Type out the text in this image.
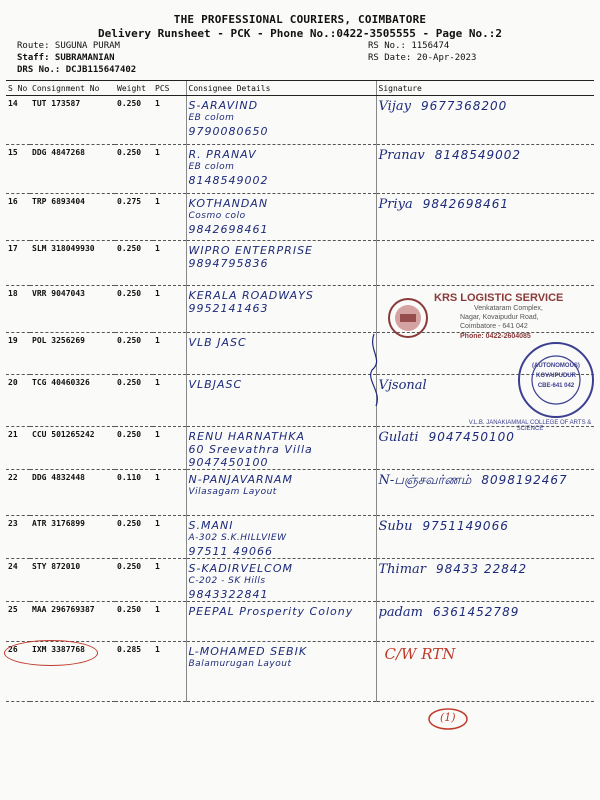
THE PROFESSIONAL COURIERS, COIMBATORE
Delivery Runsheet - PCK - Phone No.:0422-3505555 - Page No.:2
Route: SUGUNA PURAM
Staff: SUBRAMANIAN
DRS No.: DCJB115647402
RS No.: 1156474
RS Date: 20-Apr-2023
S No	Consignment No	Weight	PCS	Consignee Details	Signature
14	TUT 173587	0.250	1	S-ARAVIND
EB colom
9790080650	Vijay 9677368200
15	DDG 4847268	0.250	1	R. PRANAV
EB colom
8148549002	Pranav 8148549002
16	TRP 6893404	0.275	1	KOTHANDAN
Cosmo colo
9842698461	Priya 9842698461
17	SLM 318049930	0.250	1	WIPRO ENTERPRISE
9894795836	

18	VRR 9047043	0.250	1	KERALA ROADWAYS
9952141463	

19	POL 3256269	0.250	1	VLB JASC	

20	TCG 40460326	0.250	1	VLBJASC	Vjsonal
21	CCU 501265242	0.250	1	RENU HARNATHKA
60 Sreevathra Villa
9047450100	Gulati 9047450100
22	DDG 4832448	0.110	1	N-PANJAVARNAM
Vilasagam Layout	N-பஞ்சவர்ணம் 8098192467
23	ATR 3176899	0.250	1	S.MANI
A-302 S.K.HILLVIEW
97511 49066	Subu 9751149066
24	STY 872010	0.250	1	S-KADIRVELCOM
C-202 - SK Hills
9843322841	Thimar 98433 22842
25	MAA 296769387	0.250	1	PEEPAL Prosperity Colony	padam 6361452789
26	IXM 3387768	0.285	1	L-MOHAMED SEBIK
Balamurugan Layout	C/W RTN
KRS LOGISTIC SERVICE
Venkataram Complex,
Nagar, Kovaipudur Road,
Coimbatore - 641 042
Phone: 0422-2604085
(AUTONOMOUS)
KOVAIPUDUR
CBE-641 042
V.L.B. JANAKIAMMAL COLLEGE OF ARTS & SCIENCE
(1)
